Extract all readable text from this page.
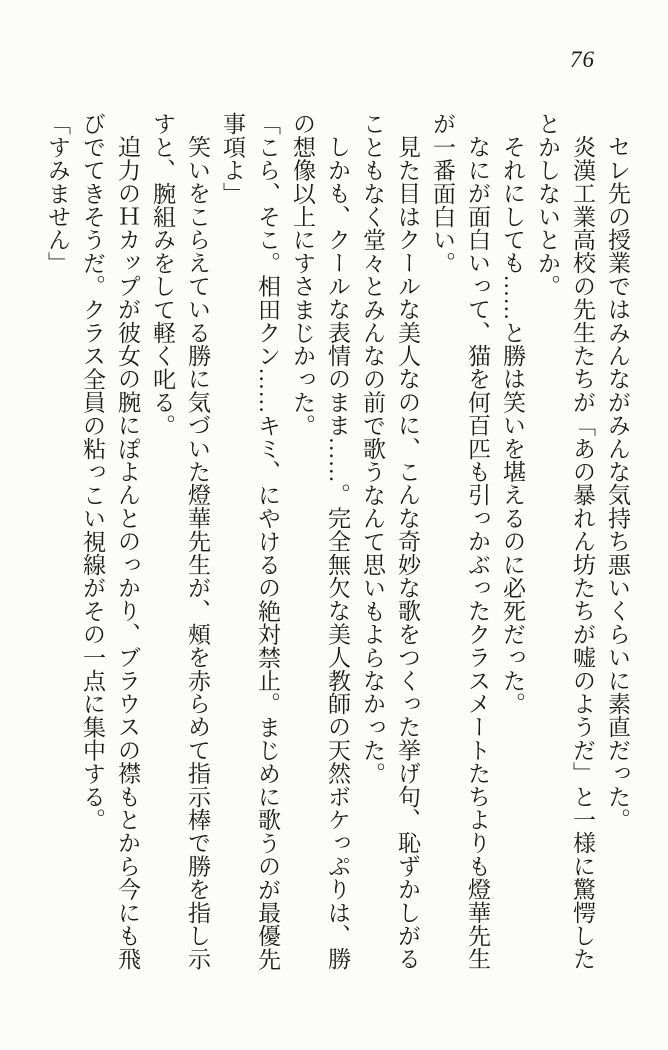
76

セレ先の授業ではみんながみんな気持ち悪いくらいに素直だった。

炎漢工業高校の先生たちが「あの暴れん坊たちが嘘のようだ」と一様に驚愕したとかしないとか。

それにしても……と勝は笑いを堪えるのに必死だった。

なにが面白いって、猫を何百匹も引っかぶったクラスメートたちよりも燈華先生が一番面白い。

見た目はクールな美人なのに、こんな奇妙な歌をつくった挙げ句、恥ずかしがることもなく堂々とみんなの前で歌うなんて思いもよらなかった。

しかも、クールな表情のまま……。完全無欠な美人教師の天然ボケっぷりは、勝の想像以上にすさまじかった。

「こら、そこ。相田クン……キミ、にやけるの絶対禁止。まじめに歌うのが最優先事項よ」

笑いをこらえている勝に気づいた燈華先生が、頰を赤らめて指示棒で勝を指し示すと、腕組みをして軽く叱る。

迫力のＨカップが彼女の腕にぽよんとのっかり、ブラウスの襟もとから今にも飛びでてきそうだ。クラス全員の粘っこい視線がその一点に集中する。

「すみません」
